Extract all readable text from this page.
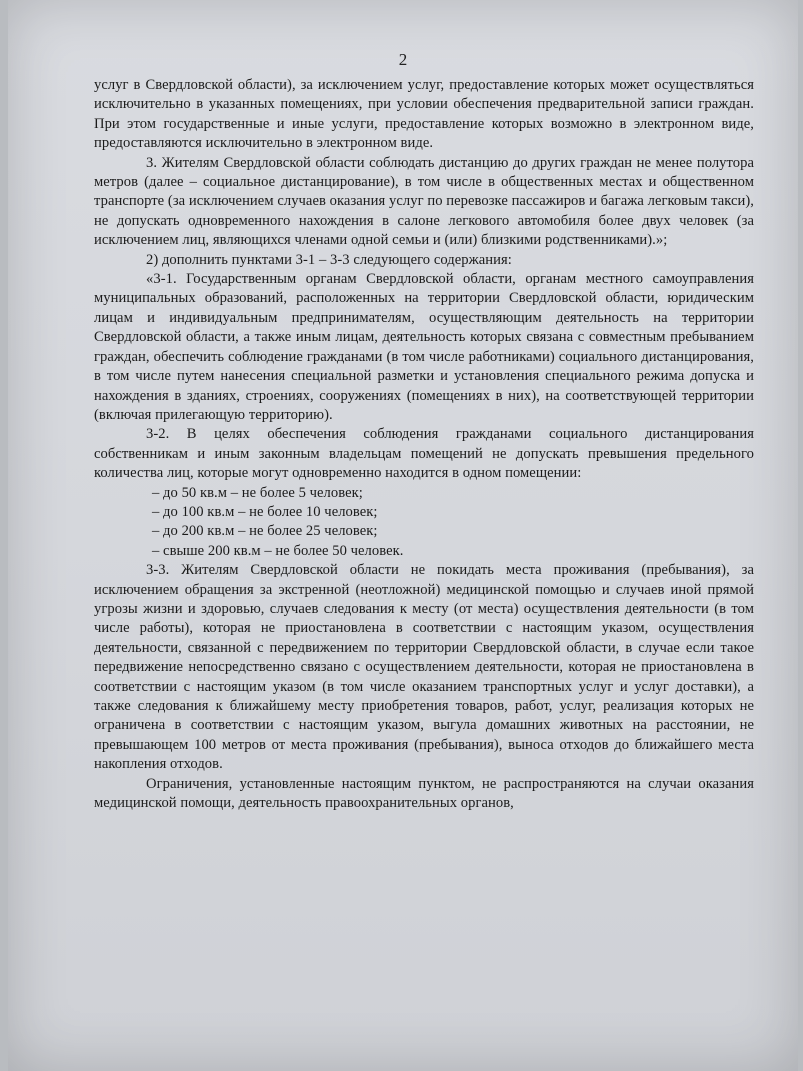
2

услуг в Свердловской области), за исключением услуг, предоставление которых может осуществляться исключительно в указанных помещениях, при условии обеспечения предварительной записи граждан. При этом государственные и иные услуги, предоставление которых возможно в электронном виде, предоставляются исключительно в электронном виде.

3. Жителям Свердловской области соблюдать дистанцию до других граждан не менее полутора метров (далее – социальное дистанцирование), в том числе в общественных местах и общественном транспорте (за исключением случаев оказания услуг по перевозке пассажиров и багажа легковым такси), не допускать одновременного нахождения в салоне легкового автомобиля более двух человек (за исключением лиц, являющихся членами одной семьи и (или) близкими родственниками).»;

2) дополнить пунктами 3-1 – 3-3 следующего содержания:

«3-1. Государственным органам Свердловской области, органам местного самоуправления муниципальных образований, расположенных на территории Свердловской области, юридическим лицам и индивидуальным предпринимателям, осуществляющим деятельность на территории Свердловской области, а также иным лицам, деятельность которых связана с совместным пребыванием граждан, обеспечить соблюдение гражданами (в том числе работниками) социального дистанцирования, в том числе путем нанесения специальной разметки и установления специального режима допуска и нахождения в зданиях, строениях, сооружениях (помещениях в них), на соответствующей территории (включая прилегающую территорию).

3-2. В целях обеспечения соблюдения гражданами социального дистанцирования собственникам и иным законным владельцам помещений не допускать превышения предельного количества лиц, которые могут одновременно находится в одном помещении:

– до 50 кв.м – не более 5 человек;
– до 100 кв.м – не более 10 человек;
– до 200 кв.м – не более 25 человек;
– свыше 200 кв.м – не более 50 человек.

3-3. Жителям Свердловской области не покидать места проживания (пребывания), за исключением обращения за экстренной (неотложной) медицинской помощью и случаев иной прямой угрозы жизни и здоровью, случаев следования к месту (от места) осуществления деятельности (в том числе работы), которая не приостановлена в соответствии с настоящим указом, осуществления деятельности, связанной с передвижением по территории Свердловской области, в случае если такое передвижение непосредственно связано с осуществлением деятельности, которая не приостановлена в соответствии с настоящим указом (в том числе оказанием транспортных услуг и услуг доставки), а также следования к ближайшему месту приобретения товаров, работ, услуг, реализация которых не ограничена в соответствии с настоящим указом, выгула домашних животных на расстоянии, не превышающем 100 метров от места проживания (пребывания), выноса отходов до ближайшего места накопления отходов.

Ограничения, установленные настоящим пунктом, не распространяются на случаи оказания медицинской помощи, деятельность правоохранительных органов,
